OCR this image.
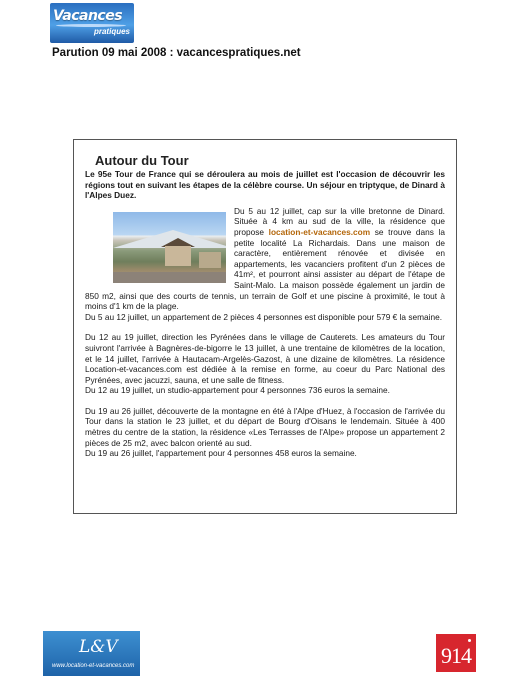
Vacances
pratiques
Parution 09 mai 2008 : vacancespratiques.net
Autour du Tour

Le 95e Tour de France qui se déroulera au mois de juillet est l'occasion de découvrir les régions tout en suivant les étapes de la célèbre course. Un séjour en triptyque, de Dinard à l'Alpes Duez.

Du 5 au 12 juillet, cap sur la ville bretonne de Dinard. Située à 4 km au sud de la ville, la résidence que propose location-et-vacances.com se trouve dans la petite localité La Richardais. Dans une maison de caractère, entièrement rénovée et divisée en appartements, les vacanciers profitent d'un 2 pièces de 41m², et pourront ainsi assister au départ de l'étape de Saint-Malo. La maison possède également un jardin de 850 m2, ainsi que des courts de tennis, un terrain de Golf et une piscine à proximité, le tout à moins d'1 km de la plage.

Du 5 au 12 juillet, un appartement de 2 pièces 4 personnes est disponible pour 579 € la semaine.

Du 12 au 19 juillet, direction les Pyrénées dans le village de Cauterets. Les amateurs du Tour suivront l'arrivée à Bagnères-de-bigorre le 13 juillet, à une trentaine de kilomètres de la location, et le 14 juillet, l'arrivée à Hautacam-Argelès-Gazost, à une dizaine de kilomètres. La résidence Location-et-vacances.com est dédiée à la remise en forme, au coeur du Parc National des Pyrénées, avec jacuzzi, sauna, et une salle de fitness.

Du 12 au 19 juillet, un studio-appartement pour 4 personnes 736 euros la semaine.

Du 19 au 26 juillet, découverte de la montagne en été à l'Alpe d'Huez, à l'occasion de l'arrivée du Tour dans la station le 23 juillet, et du départ de Bourg d'Oisans le lendemain. Située à 400 mètres du centre de la station, la résidence «Les Terrasses de l'Alpe» propose un appartement 2 pièces de 25 m2, avec balcon orienté au sud.

Du 19 au 26 juillet, l'appartement pour 4 personnes 458 euros la semaine.

L&V
www.location-et-vacances.com	914
